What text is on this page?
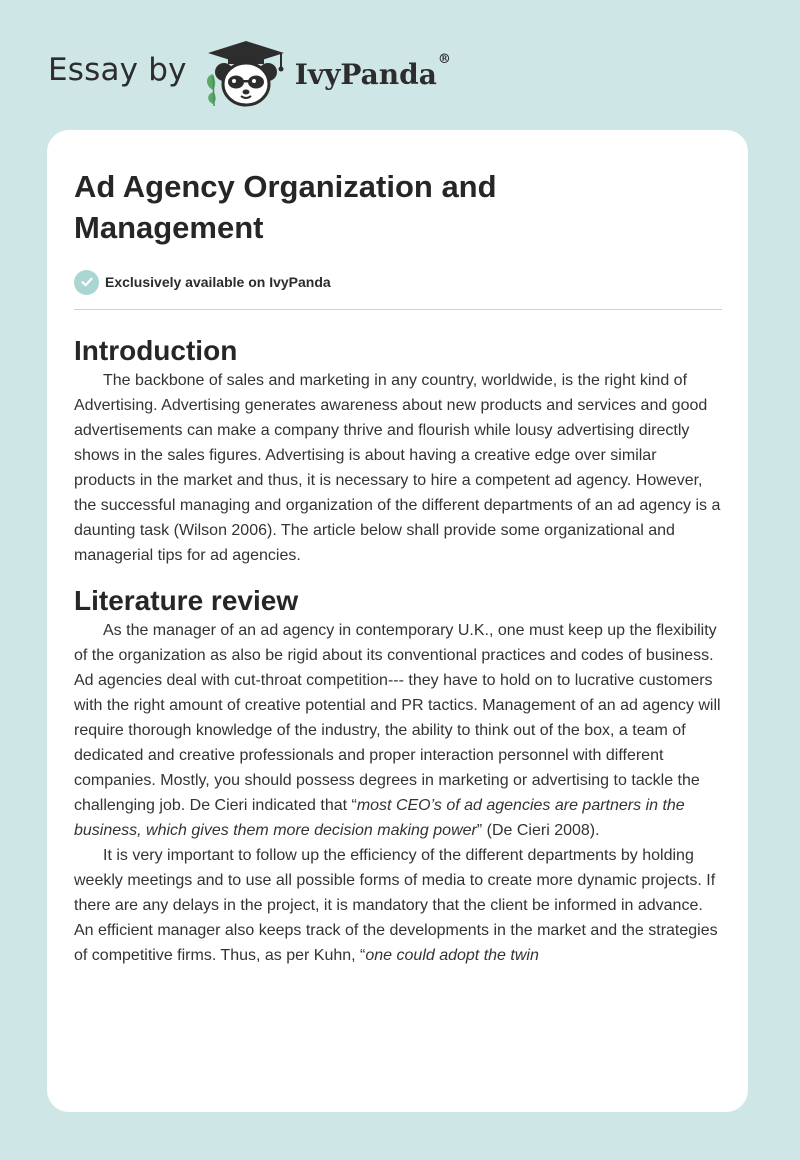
Essay by	IvyPanda®
Ad Agency Organization and Management
Exclusively available on IvyPanda
Introduction

The backbone of sales and marketing in any country, worldwide, is the right kind of Advertising. Advertising generates awareness about new products and services and good advertisements can make a company thrive and flourish while lousy advertising directly shows in the sales figures. Advertising is about having a creative edge over similar products in the market and thus, it is necessary to hire a competent ad agency. However, the successful managing and organization of the different departments of an ad agency is a daunting task (Wilson 2006). The article below shall provide some organizational and managerial tips for ad agencies.

Literature review

As the manager of an ad agency in contemporary U.K., one must keep up the flexibility of the organization as also be rigid about its conventional practices and codes of business. Ad agencies deal with cut-throat competition--- they have to hold on to lucrative customers with the right amount of creative potential and PR tactics. Management of an ad agency will require thorough knowledge of the industry, the ability to think out of the box, a team of dedicated and creative professionals and proper interaction personnel with different companies. Mostly, you should possess degrees in marketing or advertising to tackle the challenging job. De Cieri indicated that “most CEO’s of ad agencies are partners in the business, which gives them more decision making power” (De Cieri 2008).

It is very important to follow up the efficiency of the different departments by holding weekly meetings and to use all possible forms of media to create more dynamic projects. If there are any delays in the project, it is mandatory that the client be informed in advance. An efficient manager also keeps track of the developments in the market and the strategies of competitive firms. Thus, as per Kuhn, “one could adopt the twin
